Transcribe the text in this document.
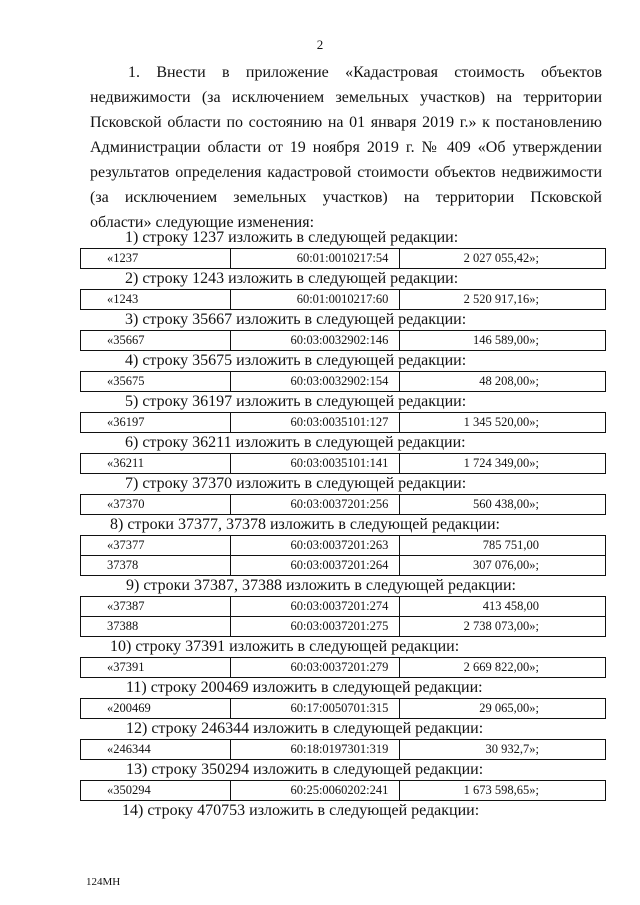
2
1. Внести в приложение «Кадастровая стоимость объектов
недвижимости (за исключением земельных участков) на территории
Псковской области по состоянию на 01 января 2019 г.» к постановлению
Администрации области от 19 ноября 2019 г. № 409 «Об утверждении
результатов определения кадастровой стоимости объектов недвижимости
(за исключением земельных участков) на территории Псковской
области» следующие изменения:
1) строку 1237 изложить в следующей редакции:
«1237	60:01:0010217:54	2 027 055,42»;
2) строку 1243 изложить в следующей редакции:
«1243	60:01:0010217:60	2 520 917,16»;
3) строку 35667 изложить в следующей редакции:
«35667	60:03:0032902:146	146 589,00»;
4) строку 35675 изложить в следующей редакции:
«35675	60:03:0032902:154	48 208,00»;
5) строку 36197 изложить в следующей редакции:
«36197	60:03:0035101:127	1 345 520,00»;
6) строку 36211 изложить в следующей редакции:
«36211	60:03:0035101:141	1 724 349,00»;
7) строку 37370 изложить в следующей редакции:
«37370	60:03:0037201:256	560 438,00»;
8) строки 37377, 37378 изложить в следующей редакции:
«37377	60:03:0037201:263	785 751,00
37378	60:03:0037201:264	307 076,00»;
9) строки 37387, 37388 изложить в следующей редакции:
«37387	60:03:0037201:274	413 458,00
37388	60:03:0037201:275	2 738 073,00»;
10) строку 37391 изложить в следующей редакции:
«37391	60:03:0037201:279	2 669 822,00»;
11) строку 200469 изложить в следующей редакции:
«200469	60:17:0050701:315	29 065,00»;
12) строку 246344 изложить в следующей редакции:
«246344	60:18:0197301:319	30 932,7»;
13) строку 350294 изложить в следующей редакции:
«350294	60:25:0060202:241	1 673 598,65»;
14) строку 470753 изложить в следующей редакции:
124МН
